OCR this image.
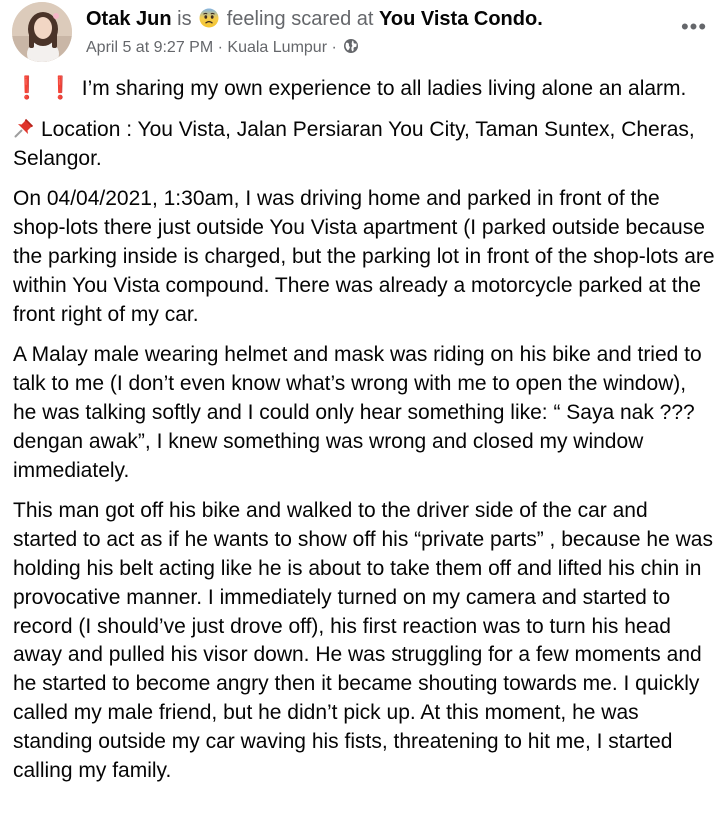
Otak Jun is feeling scared at You Vista Condo.
April 5 at 9:27 PM · Kuala Lumpur ·
•••

❗ ❗ I’m sharing my own experience to all ladies living alone an alarm.

Location : You Vista, Jalan Persiaran You City, Taman Suntex, Cheras, Selangor.

On 04/04/2021, 1:30am, I was driving home and parked in front of the shop-lots there just outside You Vista apartment (I parked outside because the parking inside is charged, but the parking lot in front of the shop-lots are within You Vista compound. There was already a motorcycle parked at the front right of my car.

A Malay male wearing helmet and mask was riding on his bike and tried to talk to me (I don’t even know what’s wrong with me to open the window), he was talking softly and I could only hear something like: “ Saya nak ??? dengan awak”, I knew something was wrong and closed my window immediately.

This man got off his bike and walked to the driver side of the car and started to act as if he wants to show off his “private parts” , because he was holding his belt acting like he is about to take them off and lifted his chin in provocative manner. I immediately turned on my camera and started to record (I should’ve just drove off), his first reaction was to turn his head away and pulled his visor down. He was struggling for a few moments and he started to become angry then it became shouting towards me. I quickly called my male friend, but he didn’t pick up. At this moment, he was standing outside my car waving his fists, threatening to hit me, I started calling my family.
